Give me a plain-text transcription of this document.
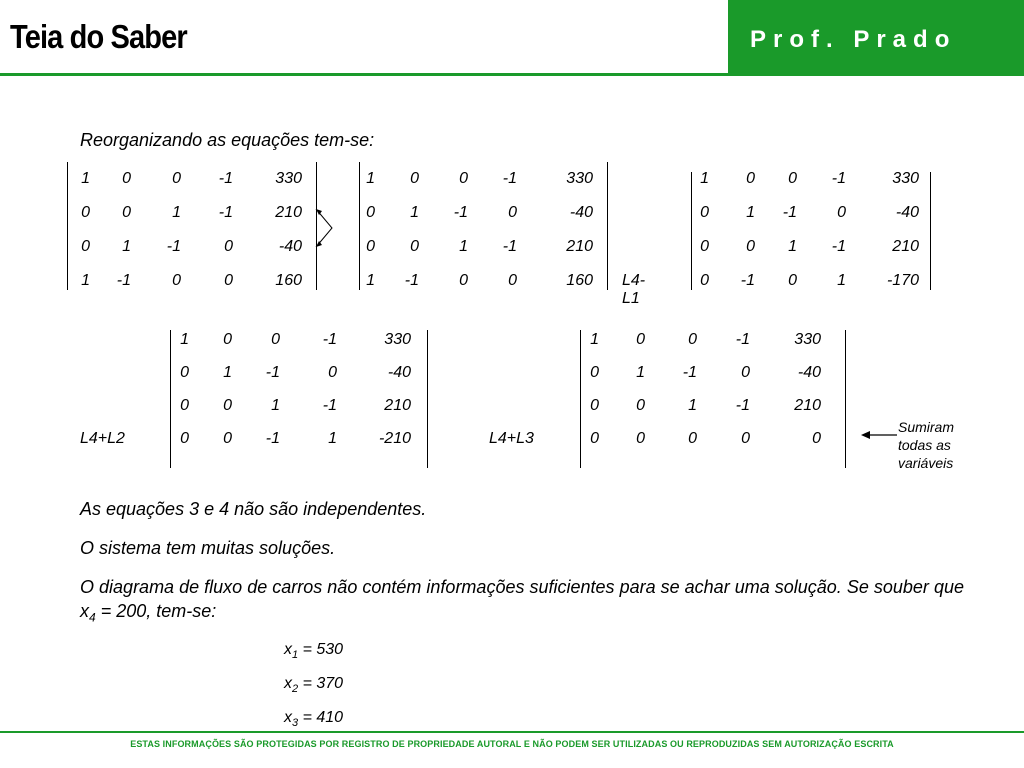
Teia do Saber	Prof. Prado
Reorganizando as equações tem-se:
1	0	0	-1	330
0	0	1	-1	210
0	1	-1	0	-40
1	-1	0	0	160
1	0	0	-1	330
0	1	-1	0	-40
0	0	1	-1	210
1	-1	0	0	160
1	0	0	-1	330
0	1	-1	0	-40
0	0	1	-1	210
0	-1	0	1	-170
L4-L1
1	0	0	-1	330
0	1	-1	0	-40
0	0	1	-1	210
0	0	-1	1	-210
L4+L2
1	0	0	-1	330
0	1	-1	0	-40
0	0	1	-1	210
0	0	0	0	0
L4+L3
Sumiram
todas as
variáveis
As equações 3 e 4 não são independentes.
O sistema tem muitas soluções.
O diagrama de fluxo de carros não contém informações suficientes para se achar uma solução. Se souber que $x_4 = 200$, tem-se:
$x_1 = 530$
$x_2 = 370$
$x_3 = 410$
ESTAS INFORMAÇÕES SÃO PROTEGIDAS POR REGISTRO DE PROPRIEDADE AUTORAL E NÃO PODEM SER UTILIZADAS OU REPRODUZIDAS SEM AUTORIZAÇÃO ESCRITA
